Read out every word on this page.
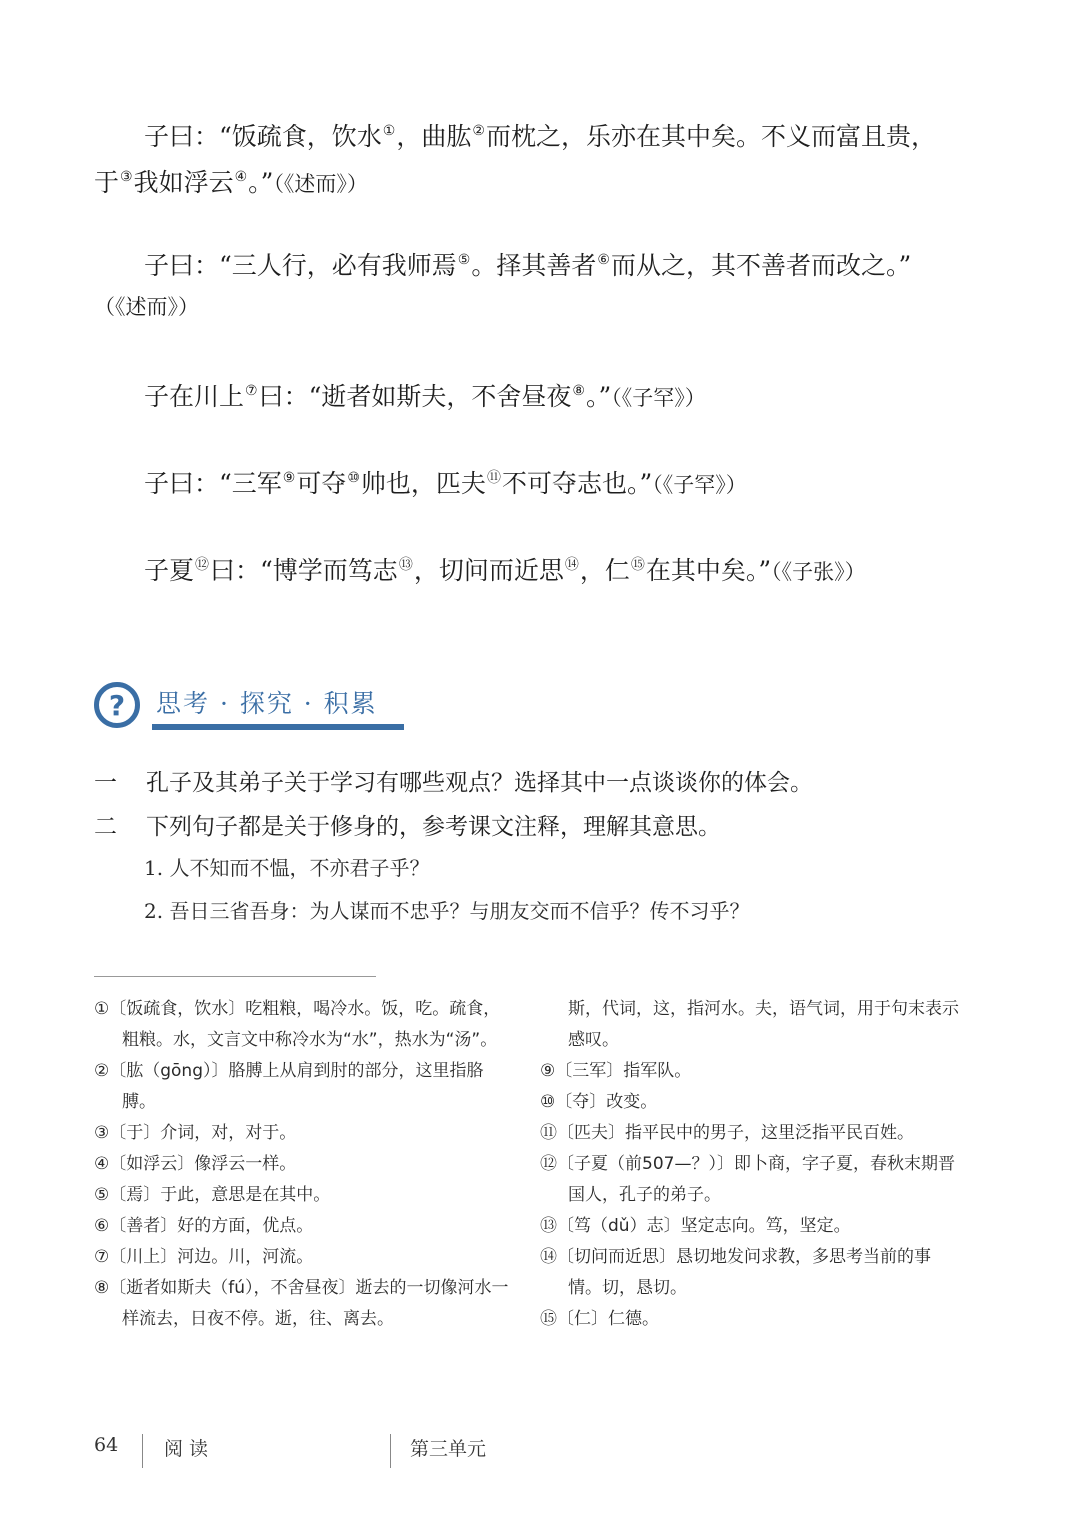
子曰：“饭疏食，饮水①，曲肱②而枕之，乐亦在其中矣。不义而富且贵，
于③我如浮云④。”（《述而》）
子曰：“三人行，必有我师焉⑤。择其善者⑥而从之，其不善者而改之。”
（《述而》）
子在川上⑦曰：“逝者如斯夫，不舍昼夜⑧。”（《子罕》）
子曰：“三军⑨可夺⑩帅也，匹夫⑪不可夺志也。”（《子罕》）
子夏⑫曰：“博学而笃志⑬，切问而近思⑭，仁⑮在其中矣。”（《子张》）
?	思考 · 探究 · 积累
一 孔子及其弟子关于学习有哪些观点？选择其中一点谈谈你的体会。
二 下列句子都是关于修身的，参考课文注释，理解其意思。
1. 人不知而不愠，不亦君子乎？
2. 吾日三省吾身：为人谋而不忠乎？与朋友交而不信乎？传不习乎？
①〔饭疏食，饮水〕吃粗粮，喝冷水。饭，吃。疏食，粗粮。水，文言文中称冷水为“水”，热水为“汤”。
②〔肱（gōng）〕胳膊上从肩到肘的部分，这里指胳膊。
③〔于〕介词，对，对于。
④〔如浮云〕像浮云一样。
⑤〔焉〕于此，意思是在其中。
⑥〔善者〕好的方面，优点。
⑦〔川上〕河边。川，河流。
⑧〔逝者如斯夫（fú），不舍昼夜〕逝去的一切像河水一样流去，日夜不停。逝，往、离去。
斯，代词，这，指河水。夫，语气词，用于句末表示感叹。
⑨〔三军〕指军队。
⑩〔夺〕改变。
⑪〔匹夫〕指平民中的男子，这里泛指平民百姓。
⑫〔子夏（前507—？）〕即卜商，字子夏，春秋末期晋国人，孔子的弟子。
⑬〔笃（dǔ）志〕坚定志向。笃，坚定。
⑭〔切问而近思〕恳切地发问求教，多思考当前的事情。切，恳切。
⑮〔仁〕仁德。
64 阅 读	第三单元
